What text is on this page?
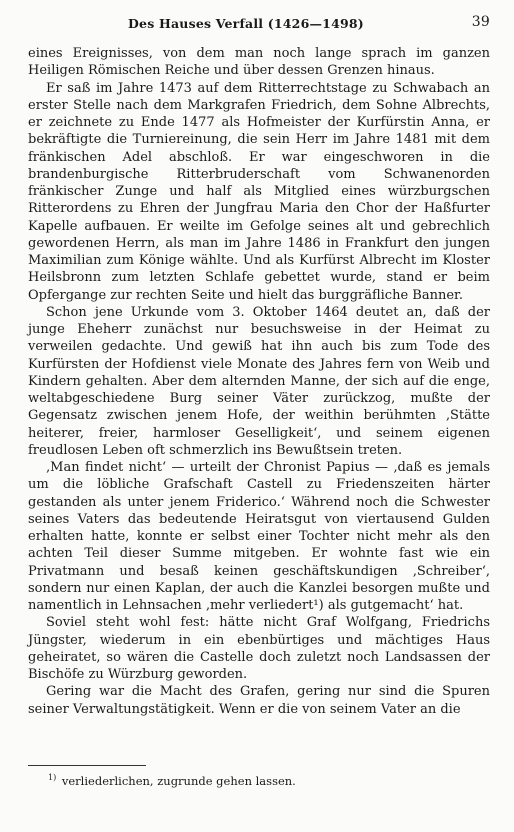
Des Hauses Verfall (1426—1498)	39

eines Ereignisses, von dem man noch lange sprach im ganzen Heiligen Römischen Reiche und über dessen Grenzen hinaus.

Er saß im Jahre 1473 auf dem Ritterrechtstage zu Schwabach an erster Stelle nach dem Markgrafen Friedrich, dem Sohne Albrechts, er zeichnete zu Ende 1477 als Hofmeister der Kurfürstin Anna, er bekräftigte die Turniereinung, die sein Herr im Jahre 1481 mit dem fränkischen Adel abschloß. Er war eingeschworen in die brandenburgische Ritterbruderschaft vom Schwanenorden fränkischer Zunge und half als Mitglied eines würzburgschen Ritterordens zu Ehren der Jungfrau Maria den Chor der Haßfurter Kapelle aufbauen. Er weilte im Gefolge seines alt und gebrechlich gewordenen Herrn, als man im Jahre 1486 in Frankfurt den jungen Maximilian zum Könige wählte. Und als Kurfürst Albrecht im Kloster Heilsbronn zum letzten Schlafe gebettet wurde, stand er beim Opfergange zur rechten Seite und hielt das burggräfliche Banner.

Schon jene Urkunde vom 3. Oktober 1464 deutet an, daß der junge Eheherr zunächst nur besuchsweise in der Heimat zu verweilen gedachte. Und gewiß hat ihn auch bis zum Tode des Kurfürsten der Hofdienst viele Monate des Jahres fern von Weib und Kindern gehalten. Aber dem alternden Manne, der sich auf die enge, weltabgeschiedene Burg seiner Väter zurückzog, mußte der Gegensatz zwischen jenem Hofe, der weithin berühmten ‚Stätte heiterer, freier, harmloser Geselligkeit‘, und seinem eigenen freudlosen Leben oft schmerzlich ins Bewußtsein treten.

‚Man findet nicht‘ — urteilt der Chronist Papius — ‚daß es jemals um die löbliche Grafschaft Castell zu Friedenszeiten härter gestanden als unter jenem Friderico.‘ Während noch die Schwester seines Vaters das bedeutende Heiratsgut von viertausend Gulden erhalten hatte, konnte er selbst einer Tochter nicht mehr als den achten Teil dieser Summe mitgeben. Er wohnte fast wie ein Privatmann und besaß keinen geschäftskundigen ‚Schreiber‘, sondern nur einen Kaplan, der auch die Kanzlei besorgen mußte und namentlich in Lehnsachen ‚mehr verliedert¹) als gutgemacht‘ hat.

Soviel steht wohl fest: hätte nicht Graf Wolfgang, Friedrichs Jüngster, wiederum in ein ebenbürtiges und mächtiges Haus geheiratet, so wären die Castelle doch zuletzt noch Landsassen der Bischöfe zu Würzburg geworden.

Gering war die Macht des Grafen, gering nur sind die Spuren seiner Verwaltungstätigkeit. Wenn er die von seinem Vater an die

$^{1)}$ verliederlichen, zugrunde gehen lassen.
